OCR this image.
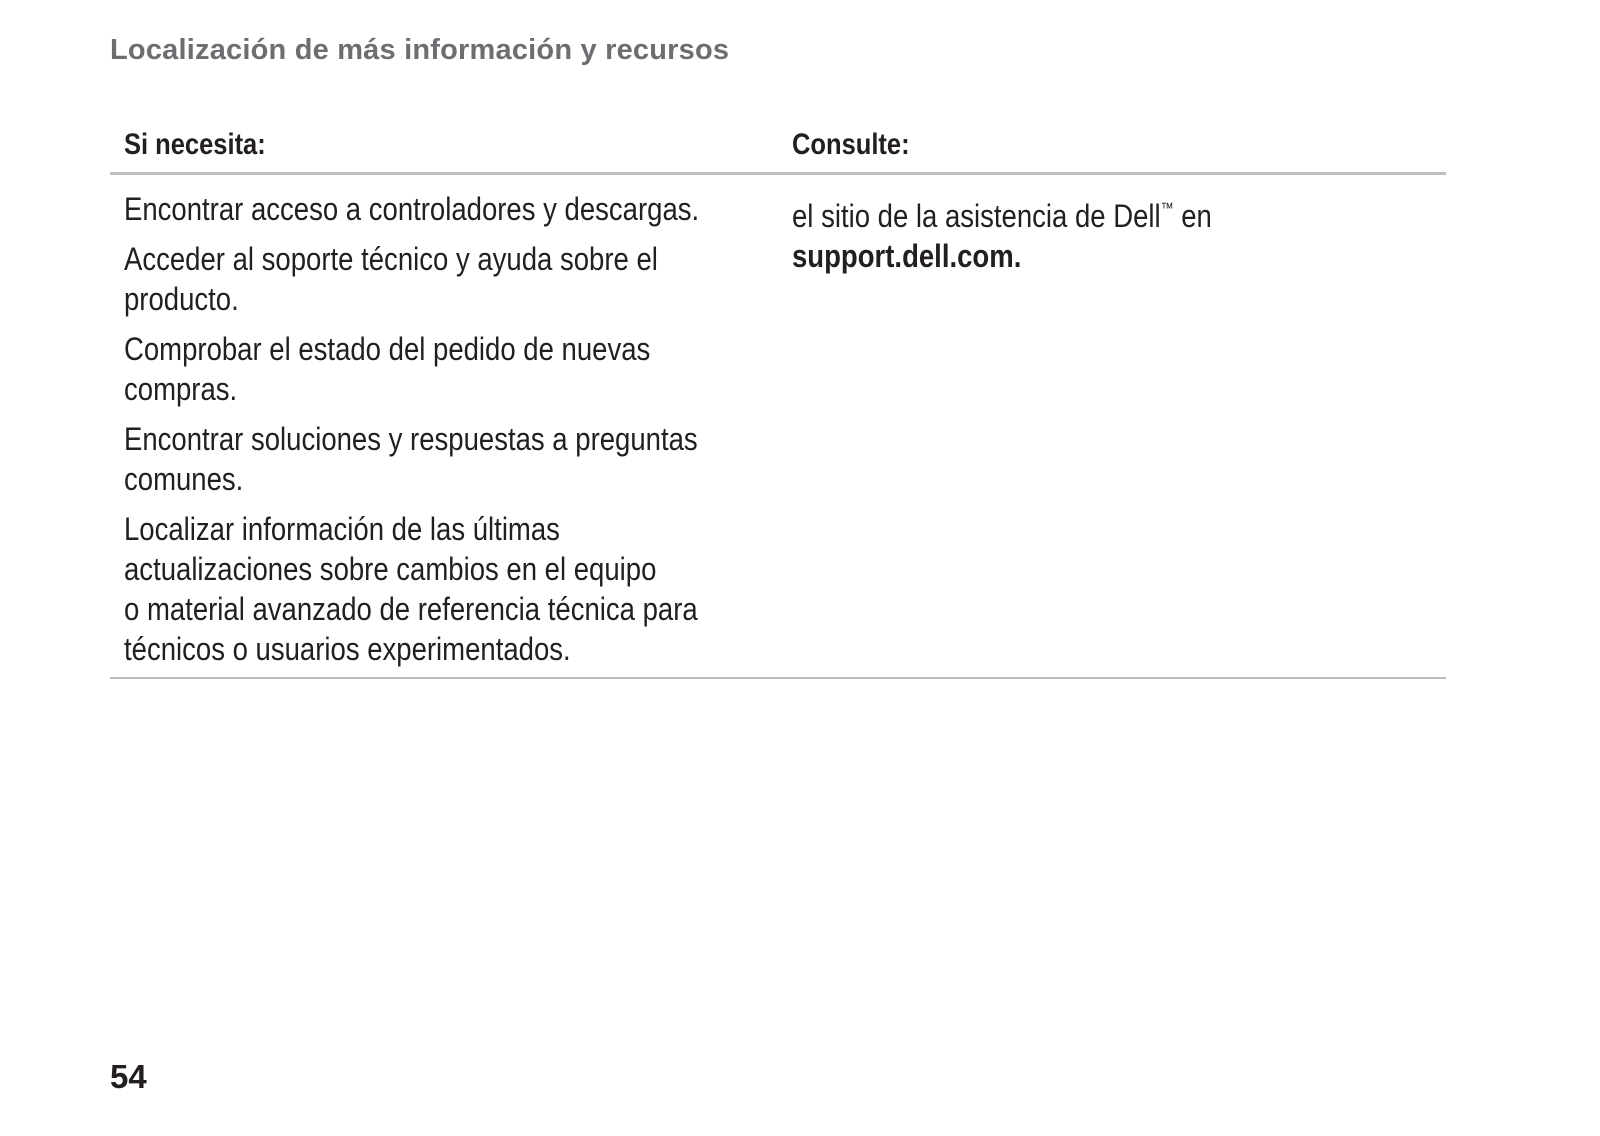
Localización de más información y recursos
Si necesita:	Consulte:
Encontrar acceso a controladores y descargas.
Acceder al soporte técnico y ayuda sobre el
producto.
Comprobar el estado del pedido de nuevas
compras.
Encontrar soluciones y respuestas a preguntas
comunes.
Localizar información de las últimas
actualizaciones sobre cambios en el equipo
o material avanzado de referencia técnica para
técnicos o usuarios experimentados.
el sitio de la asistencia de Dell™ en
support.dell.com.
54
